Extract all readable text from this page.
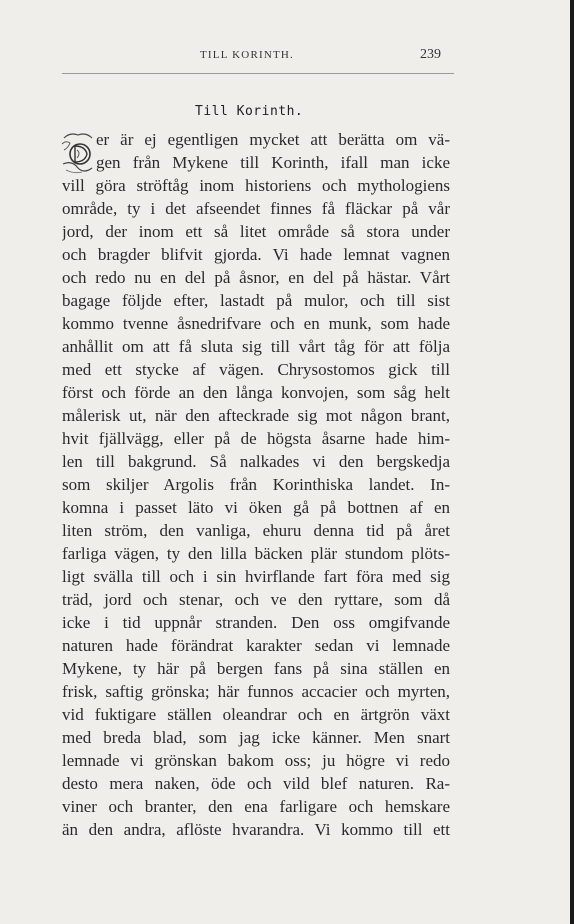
TILL KORINTH.	239
Till Korinth.
er är ej egentligen mycket att berätta om vä-
gen från Mykene till Korinth, ifall man icke
vill göra ströftåg inom historiens och mythologiens
område, ty i det afseendet finnes få fläckar på vår
jord, der inom ett så litet område så stora under
och bragder blifvit gjorda. Vi hade lemnat vagnen
och redo nu en del på åsnor, en del på hästar. Vårt
bagage följde efter, lastadt på mulor, och till sist
kommo tvenne åsnedrifvare och en munk, som hade
anhållit om att få sluta sig till vårt tåg för att följa
med ett stycke af vägen. Chrysostomos gick till
först och förde an den långa konvojen, som såg helt
målerisk ut, när den afteckrade sig mot någon brant,
hvit fjällvägg, eller på de högsta åsarne hade him-
len till bakgrund. Så nalkades vi den bergskedja
som skiljer Argolis från Korinthiska landet. In-
komna i passet läto vi öken gå på bottnen af en
liten ström, den vanliga, ehuru denna tid på året
farliga vägen, ty den lilla bäcken plär stundom plöts-
ligt svälla till och i sin hvirflande fart föra med sig
träd, jord och stenar, och ve den ryttare, som då
icke i tid uppnår stranden. Den oss omgifvande
naturen hade förändrat karakter sedan vi lemnade
Mykene, ty här på bergen fans på sina ställen en
frisk, saftig grönska; här funnos accacier och myrten,
vid fuktigare ställen oleandrar och en ärtgrön växt
med breda blad, som jag icke känner. Men snart
lemnade vi grönskan bakom oss; ju högre vi redo
desto mera naken, öde och vild blef naturen. Ra-
viner och branter, den ena farligare och hemskare
än den andra, aflöste hvarandra. Vi kommo till ett
